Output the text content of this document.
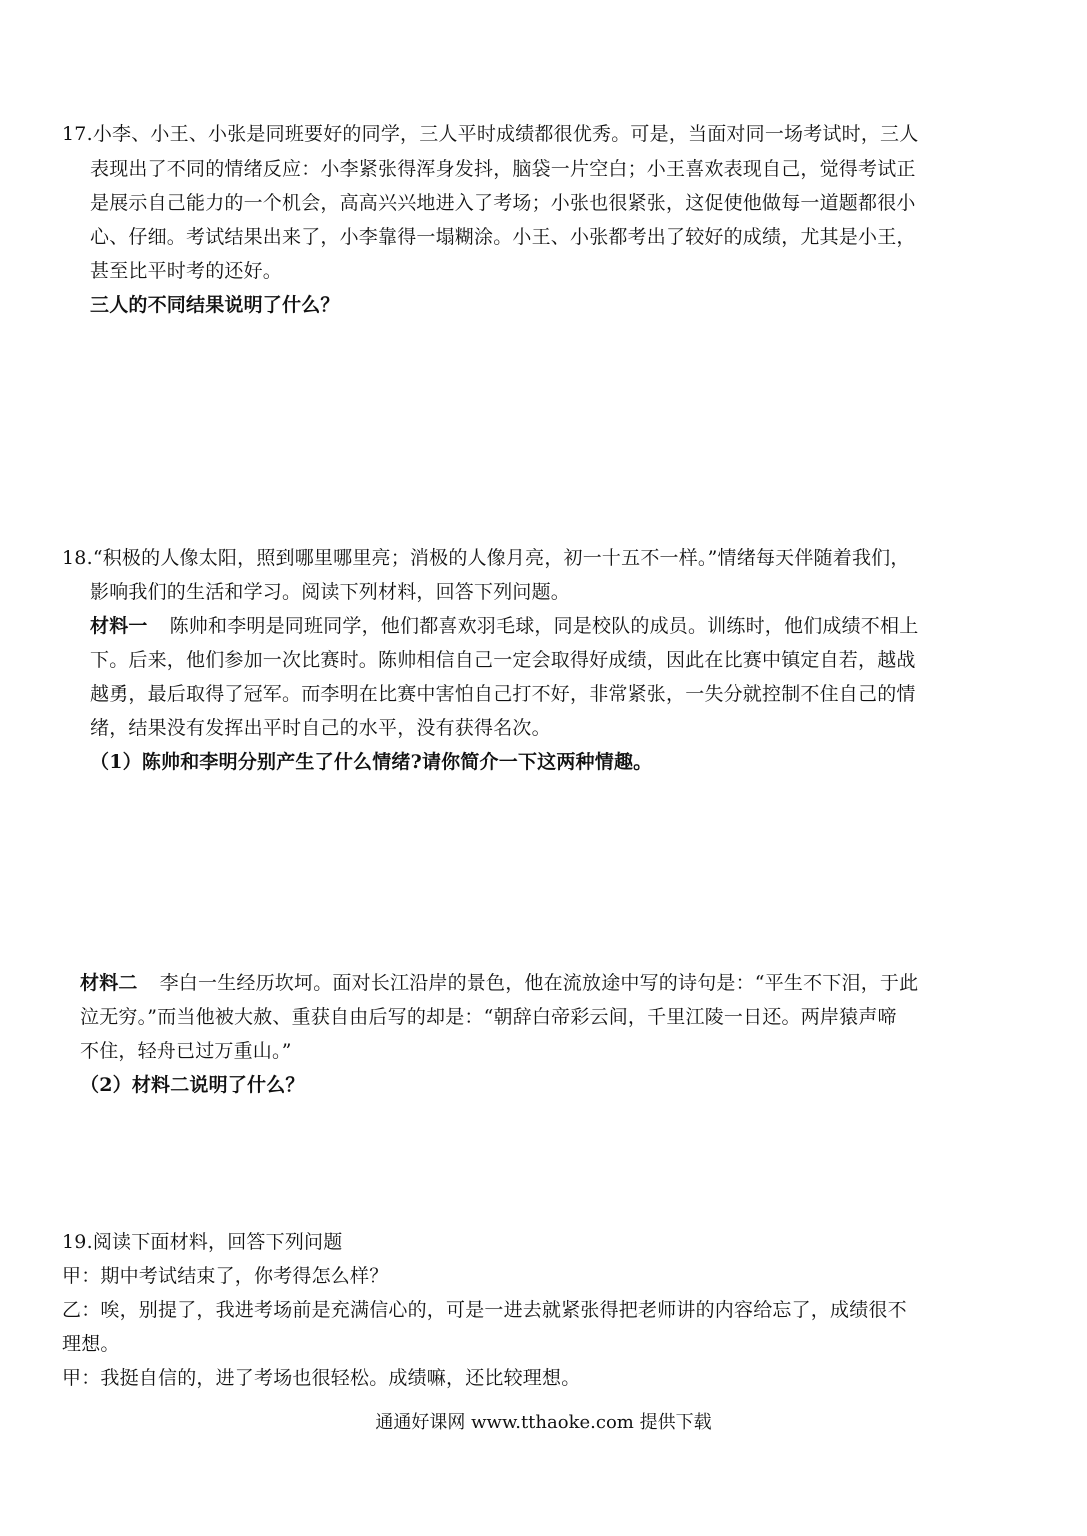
17.小李、小王、小张是同班要好的同学，三人平时成绩都很优秀。可是，当面对同一场考试时，三人
表现出了不同的情绪反应：小李紧张得浑身发抖，脑袋一片空白；小王喜欢表现自己，觉得考试正
是展示自己能力的一个机会，高高兴兴地进入了考场；小张也很紧张，这促使他做每一道题都很小
心、仔细。考试结果出来了，小李靠得一塌糊涂。小王、小张都考出了较好的成绩，尤其是小王，
甚至比平时考的还好。
三人的不同结果说明了什么？
18.“积极的人像太阳，照到哪里哪里亮；消极的人像月亮，初一十五不一样。”情绪每天伴随着我们，
影响我们的生活和学习。阅读下列材料，回答下列问题。
材料一 陈帅和李明是同班同学，他们都喜欢羽毛球，同是校队的成员。训练时，他们成绩不相上
下。后来，他们参加一次比赛时。陈帅相信自己一定会取得好成绩，因此在比赛中镇定自若，越战
越勇，最后取得了冠军。而李明在比赛中害怕自己打不好，非常紧张，一失分就控制不住自己的情
绪，结果没有发挥出平时自己的水平，没有获得名次。
（1）陈帅和李明分别产生了什么情绪?请你简介一下这两种情趣。
材料二 李白一生经历坎坷。面对长江沿岸的景色，他在流放途中写的诗句是：“平生不下泪，于此
泣无穷。”而当他被大赦、重获自由后写的却是：“朝辞白帝彩云间，千里江陵一日还。两岸猿声啼
不住，轻舟已过万重山。”
（2）材料二说明了什么？
19.阅读下面材料，回答下列问题
甲：期中考试结束了，你考得怎么样？
乙：唉，别提了，我进考场前是充满信心的，可是一进去就紧张得把老师讲的内容给忘了，成绩很不
理想。
甲：我挺自信的，进了考场也很轻松。成绩嘛，还比较理想。
通通好课网 www.tthaoke.com 提供下载
